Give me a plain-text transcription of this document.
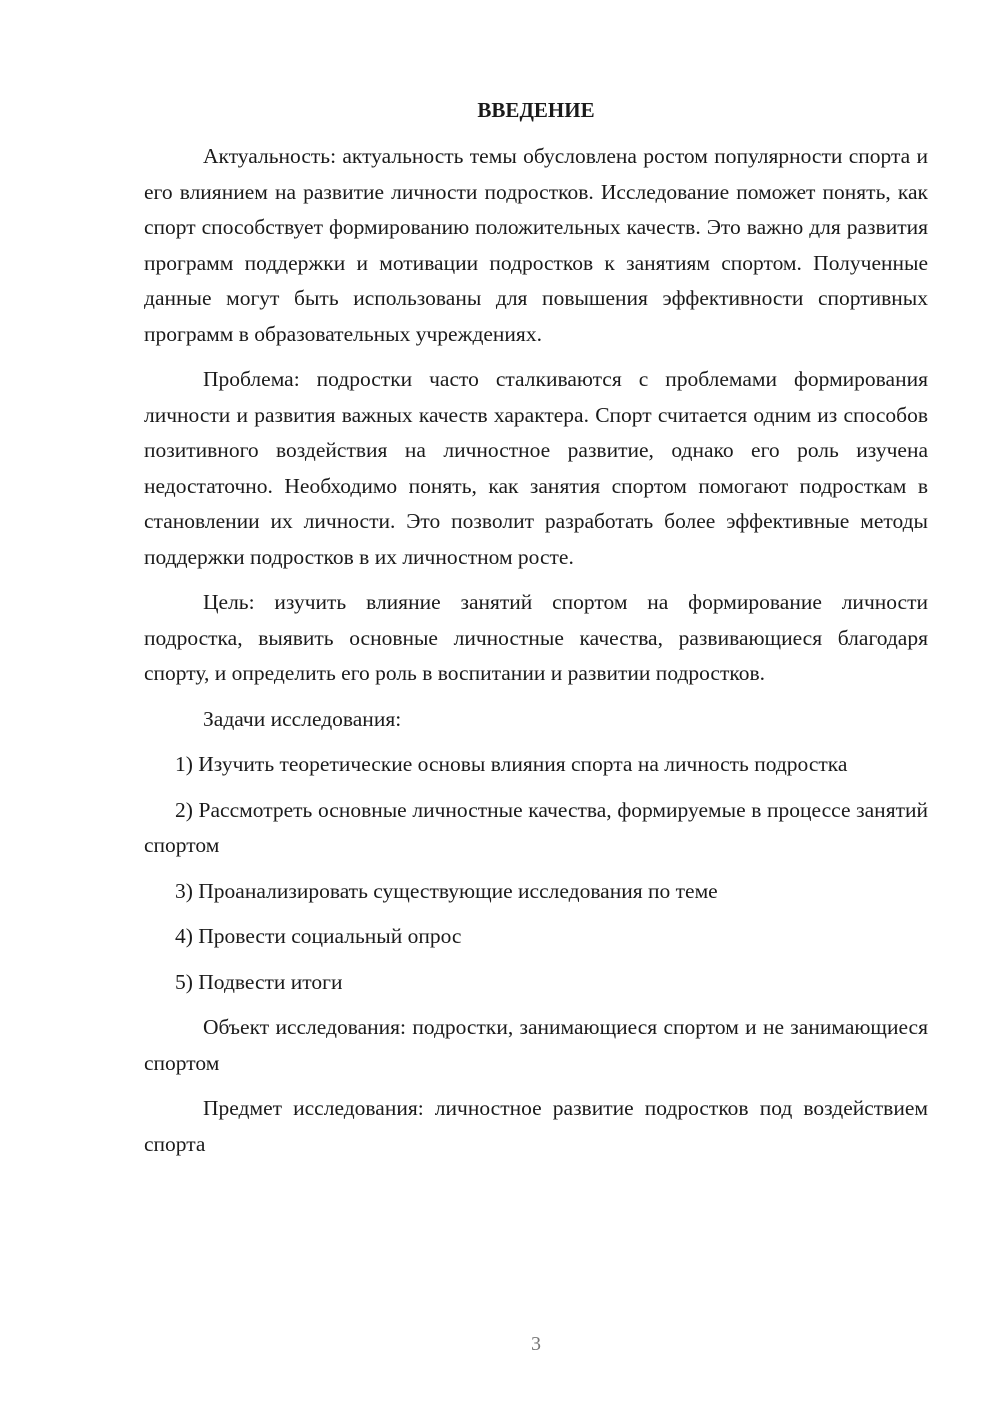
ВВЕДЕНИЕ

Актуальность: актуальность темы обусловлена ростом популярности спорта и его влиянием на развитие личности подростков. Исследование поможет понять, как спорт способствует формированию положительных качеств. Это важно для развития программ поддержки и мотивации подростков к занятиям спортом. Полученные данные могут быть использованы для повышения эффективности спортивных программ в образовательных учреждениях.

Проблема: подростки часто сталкиваются с проблемами формирования личности и развития важных качеств характера. Спорт считается одним из способов позитивного воздействия на личностное развитие, однако его роль изучена недостаточно. Необходимо понять, как занятия спортом помогают подросткам в становлении их личности. Это позволит разработать более эффективные методы поддержки подростков в их личностном росте.

Цель: изучить влияние занятий спортом на формирование личности подростка, выявить основные личностные качества, развивающиеся благодаря спорту, и определить его роль в воспитании и развитии подростков.

Задачи исследования:

1) Изучить теоретические основы влияния спорта на личность подростка

2) Рассмотреть основные личностные качества, формируемые в процессе занятий спортом

3) Проанализировать существующие исследования по теме

4) Провести социальный опрос

5) Подвести итоги

Объект исследования: подростки, занимающиеся спортом и не занимающиеся спортом

Предмет исследования: личностное развитие подростков под воздействием спорта

3
